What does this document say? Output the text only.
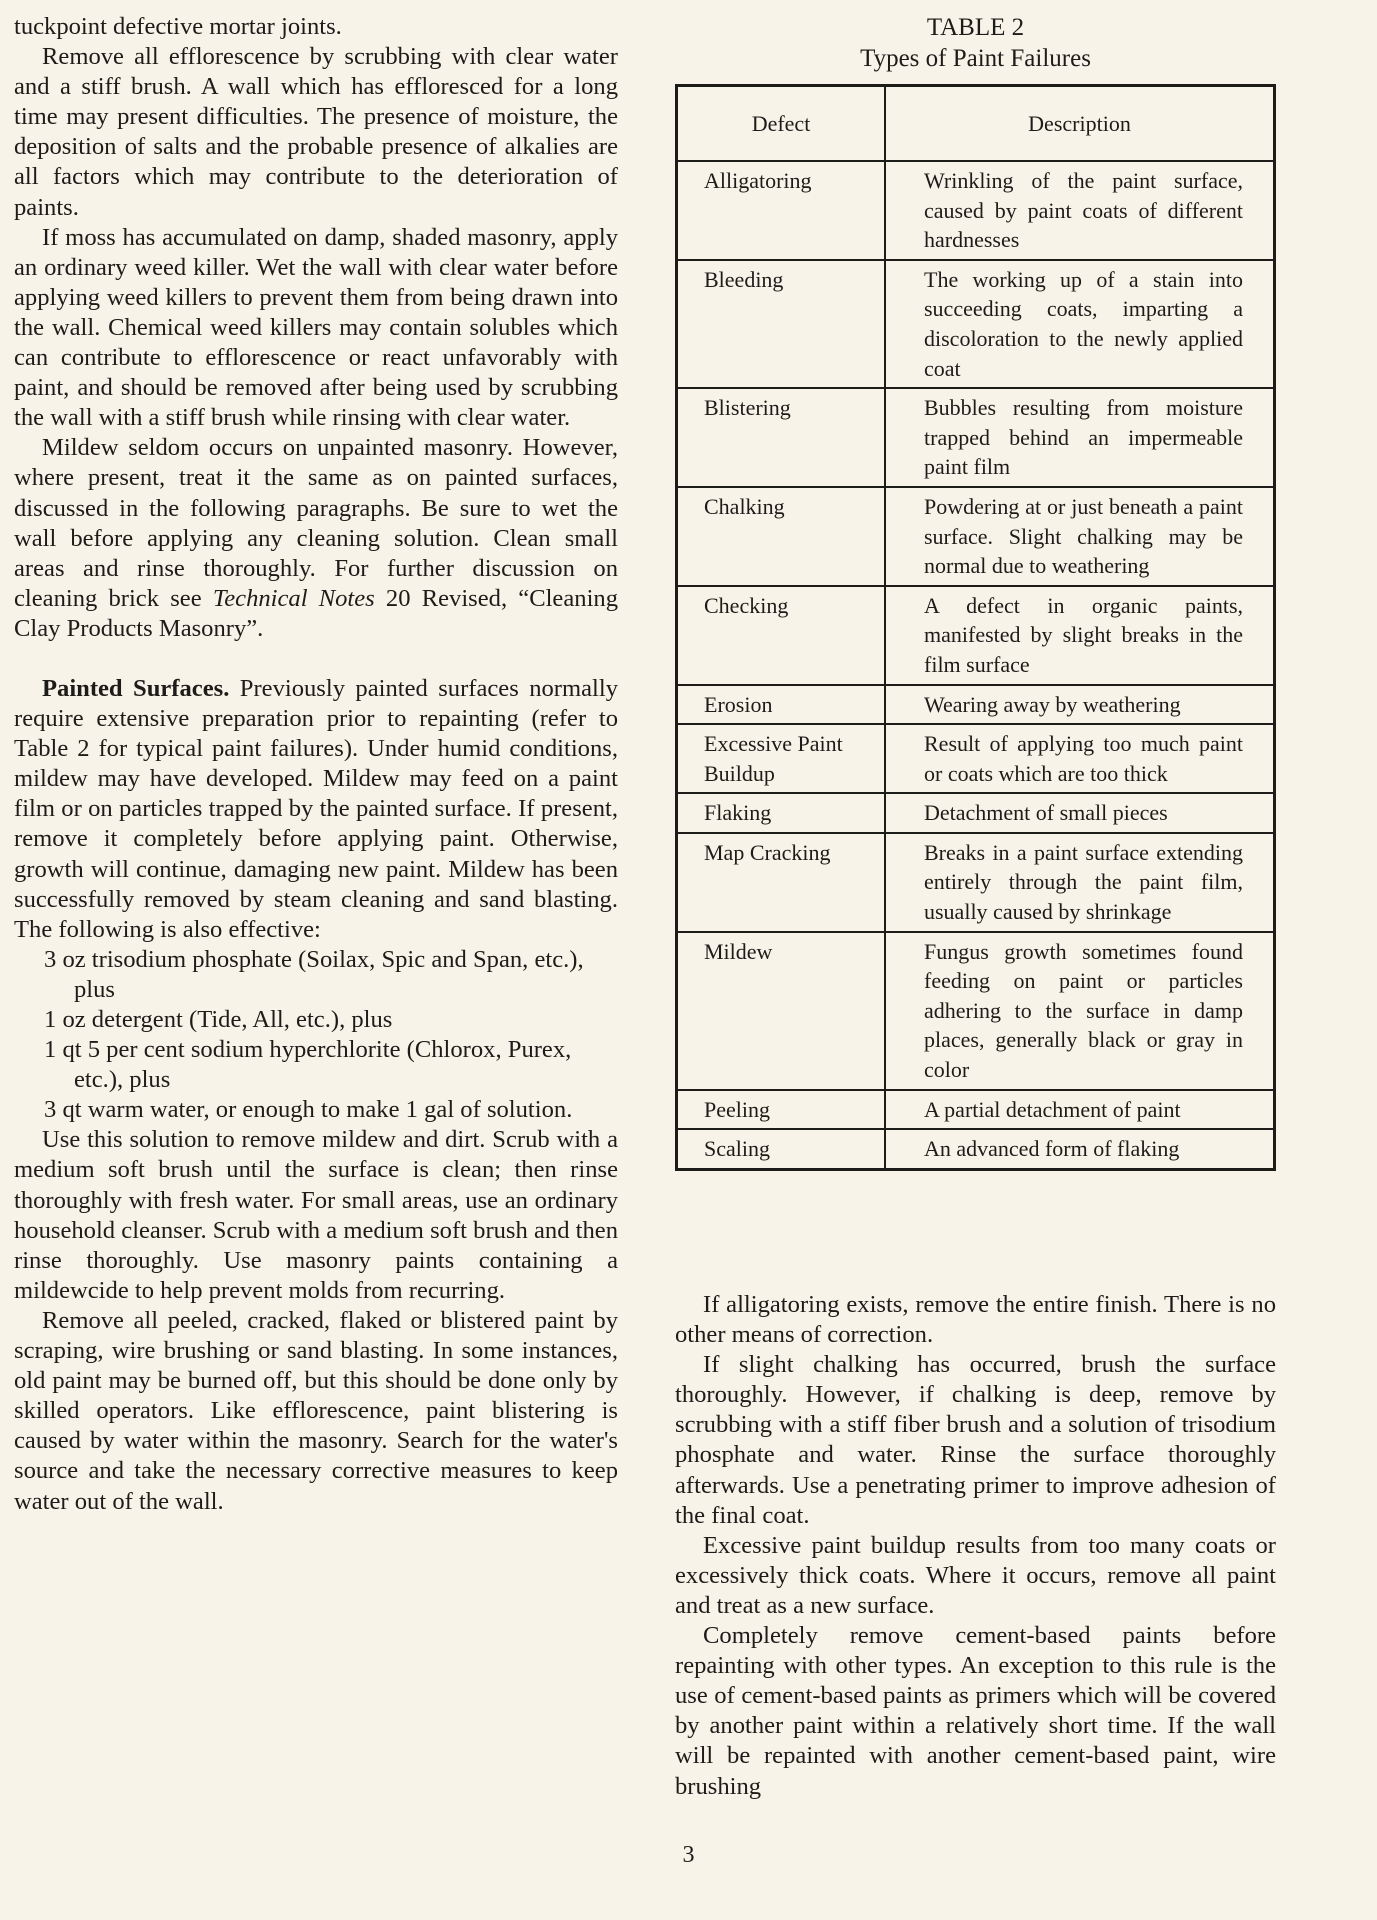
tuckpoint defective mortar joints.

Remove all efflorescence by scrubbing with clear water and a stiff brush. A wall which has effloresced for a long time may present difficulties. The presence of moisture, the deposition of salts and the probable presence of alkalies are all factors which may contribute to the deterioration of paints.

If moss has accumulated on damp, shaded masonry, apply an ordinary weed killer. Wet the wall with clear water before applying weed killers to prevent them from being drawn into the wall. Chemical weed killers may contain solubles which can contribute to efflorescence or react unfavorably with paint, and should be removed after being used by scrubbing the wall with a stiff brush while rinsing with clear water.

Mildew seldom occurs on unpainted masonry. However, where present, treat it the same as on painted surfaces, discussed in the following paragraphs. Be sure to wet the wall before applying any cleaning solution. Clean small areas and rinse thoroughly. For further discussion on cleaning brick see Technical Notes 20 Revised, “Cleaning Clay Products Masonry”.

Painted Surfaces. Previously painted surfaces normally require extensive preparation prior to repainting (refer to Table 2 for typical paint failures). Under humid conditions, mildew may have developed. Mildew may feed on a paint film or on particles trapped by the painted surface. If present, remove it completely before applying paint. Otherwise, growth will continue, damaging new paint. Mildew has been successfully removed by steam cleaning and sand blasting. The following is also effective:

3 oz trisodium phosphate (Soilax, Spic and Span, etc.), plus
1 oz detergent (Tide, All, etc.), plus
1 qt 5 per cent sodium hyperchlorite (Chlorox, Purex, etc.), plus
3 qt warm water, or enough to make 1 gal of solution.

Use this solution to remove mildew and dirt. Scrub with a medium soft brush until the surface is clean; then rinse thoroughly with fresh water. For small areas, use an ordinary household cleanser. Scrub with a medium soft brush and then rinse thoroughly. Use masonry paints containing a mildewcide to help prevent molds from recurring.

Remove all peeled, cracked, flaked or blistered paint by scraping, wire brushing or sand blasting. In some instances, old paint may be burned off, but this should be done only by skilled operators. Like efflorescence, paint blistering is caused by water within the masonry. Search for the water's source and take the necessary corrective measures to keep water out of the wall.

TABLE 2
Types of Paint Failures
Defect	Description
Alligatoring	Wrinkling of the paint surface, caused by paint coats of different hardnesses
Bleeding	The working up of a stain into succeeding coats, imparting a discoloration to the newly applied coat
Blistering	Bubbles resulting from moisture trapped behind an impermeable paint film
Chalking	Powdering at or just beneath a paint surface. Slight chalking may be normal due to weathering
Checking	A defect in organic paints, manifested by slight breaks in the film surface
Erosion	Wearing away by weathering
Excessive Paint Buildup	Result of applying too much paint or coats which are too thick
Flaking	Detachment of small pieces
Map Cracking	Breaks in a paint surface extending entirely through the paint film, usually caused by shrinkage
Mildew	Fungus growth sometimes found feeding on paint or particles adhering to the surface in damp places, generally black or gray in color
Peeling	A partial detachment of paint
Scaling	An advanced form of flaking

If alligatoring exists, remove the entire finish. There is no other means of correction.

If slight chalking has occurred, brush the surface thoroughly. However, if chalking is deep, remove by scrubbing with a stiff fiber brush and a solution of trisodium phosphate and water. Rinse the surface thoroughly afterwards. Use a penetrating primer to improve adhesion of the final coat.

Excessive paint buildup results from too many coats or excessively thick coats. Where it occurs, remove all paint and treat as a new surface.

Completely remove cement-based paints before repainting with other types. An exception to this rule is the use of cement-based paints as primers which will be covered by another paint within a relatively short time. If the wall will be repainted with another cement-based paint, wire brushing

3
